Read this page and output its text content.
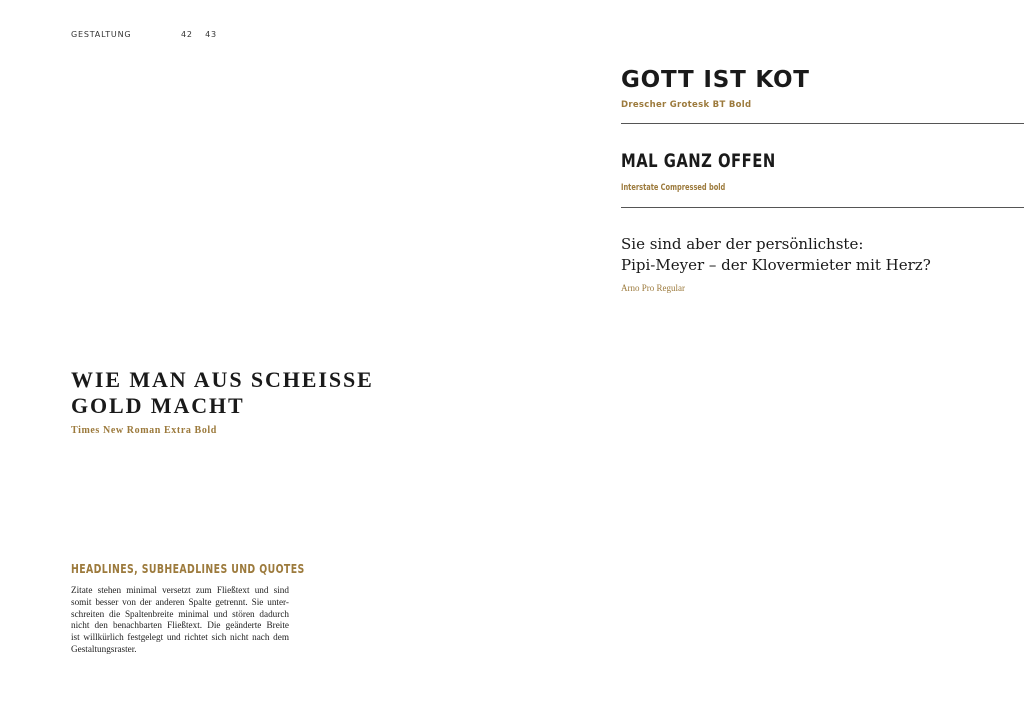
GESTALTUNG	42 43
GOTT IST KOT
Drescher Grotesk BT Bold
MAL GANZ OFFEN
Interstate Compressed bold
Sie sind aber der persönlichste:
Pipi-Meyer – der Klovermieter mit Herz?
Arno Pro Regular
WIE MAN AUS SCHEISSE
GOLD MACHT
Times New Roman Extra Bold
HEADLINES, SUBHEADLINES UND QUOTES
Zitate stehen minimal versetzt zum Fließtext und sind
somit besser von der anderen Spalte getrennt. Sie unter-
schreiten die Spaltenbreite minimal und stören dadurch
nicht den benachbarten Fließtext. Die geänderte Breite
ist willkürlich festgelegt und richtet sich nicht nach dem
Gestaltungsraster.
